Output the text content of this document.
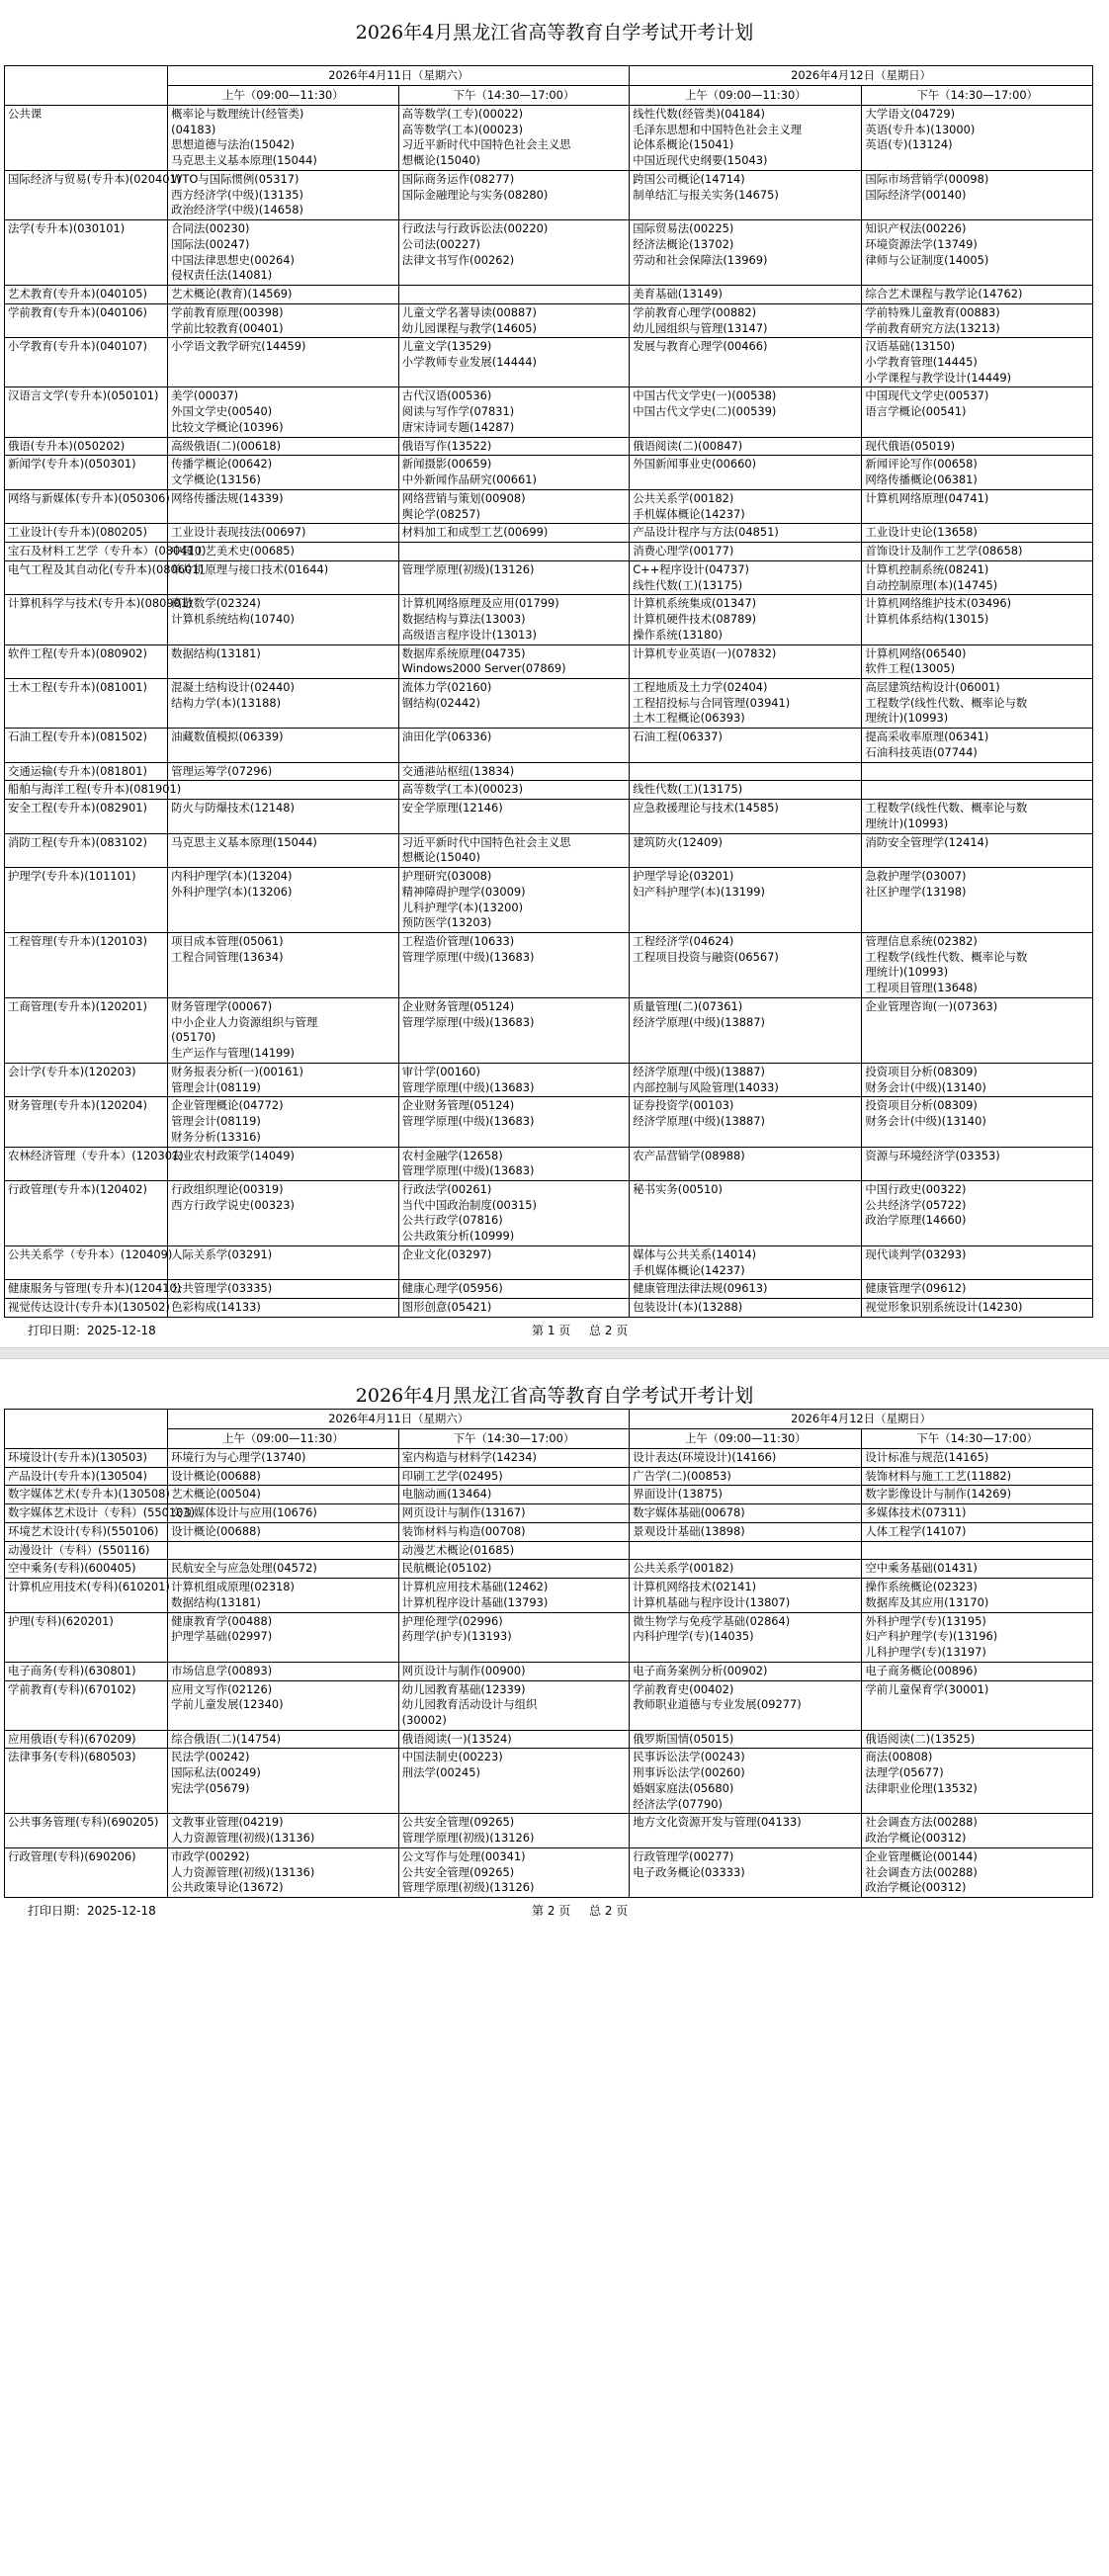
2026年4月黑龙江省高等教育自学考试开考计划
	2026年4月11日（星期六）		2026年4月12日（星期日）	
	上午（09:00—11:30）	下午（14:30—17:00）	上午（09:00—11:30）	下午（14:30—17:00）
公共课	概率论与数理统计(经管类)
(04183)
思想道德与法治(15042)
马克思主义基本原理(15044)	高等数学(工专)(00022)
高等数学(工本)(00023)
习近平新时代中国特色社会主义思
想概论(15040)	线性代数(经管类)(04184)
毛泽东思想和中国特色社会主义理
论体系概论(15041)
中国近现代史纲要(15043)	大学语文(04729)
英语(专升本)(13000)
英语(专)(13124)

国际经济与贸易(专升本)(020401)	WTO与国际惯例(05317)
西方经济学(中级)(13135)
政治经济学(中级)(14658)	国际商务运作(08277)
国际金融理论与实务(08280)	跨国公司概论(14714)
制单结汇与报关实务(14675)	国际市场营销学(00098)
国际经济学(00140)

法学(专升本)(030101)	合同法(00230)
国际法(00247)
中国法律思想史(00264)
侵权责任法(14081)	行政法与行政诉讼法(00220)
公司法(00227)
法律文书写作(00262)	国际贸易法(00225)
经济法概论(13702)
劳动和社会保障法(13969)	知识产权法(00226)
环境资源法学(13749)
律师与公证制度(14005)

艺术教育(专升本)(040105)	艺术概论(教育)(14569)		美育基础(13149)	综合艺术课程与教学论(14762)

学前教育(专升本)(040106)	学前教育原理(00398)
学前比较教育(00401)	儿童文学名著导读(00887)
幼儿园课程与教学(14605)	学前教育心理学(00882)
幼儿园组织与管理(13147)	学前特殊儿童教育(00883)
学前教育研究方法(13213)

小学教育(专升本)(040107)	小学语文教学研究(14459)	儿童文学(13529)
小学教师专业发展(14444)	发展与教育心理学(00466)	汉语基础(13150)
小学教育管理(14445)
小学课程与教学设计(14449)

汉语言文学(专升本)(050101)	美学(00037)
外国文学史(00540)
比较文学概论(10396)	古代汉语(00536)
阅读与写作学(07831)
唐宋诗词专题(14287)	中国古代文学史(一)(00538)
中国古代文学史(二)(00539)	中国现代文学史(00537)
语言学概论(00541)

俄语(专升本)(050202)	高级俄语(二)(00618)	俄语写作(13522)	俄语阅读(二)(00847)	现代俄语(05019)

新闻学(专升本)(050301)	传播学概论(00642)
文学概论(13156)	新闻摄影(00659)
中外新闻作品研究(00661)	外国新闻事业史(00660)	新闻评论写作(00658)
网络传播概论(06381)

网络与新媒体(专升本)(050306)	网络传播法规(14339)	网络营销与策划(00908)
舆论学(08257)	公共关系学(00182)
手机媒体概论(14237)	计算机网络原理(04741)

工业设计(专升本)(080205)	工业设计表现技法(00697)	材料加工和成型工艺(00699)	产品设计程序与方法(04851)	工业设计史论(13658)

宝石及材料工艺学（专升本）(080410)	中国工艺美术史(00685)		消费心理学(00177)	首饰设计及制作工艺学(08658)

电气工程及其自动化(专升本)(080601)	单片机原理与接口技术(01644)	管理学原理(初级)(13126)	C++程序设计(04737)
线性代数(工)(13175)	计算机控制系统(08241)
自动控制原理(本)(14745)

计算机科学与技术(专升本)(080901)	离散数学(02324)
计算机系统结构(10740)	计算机网络原理及应用(01799)
数据结构与算法(13003)
高级语言程序设计(13013)	计算机系统集成(01347)
计算机硬件技术(08789)
操作系统(13180)	计算机网络维护技术(03496)
计算机体系结构(13015)

软件工程(专升本)(080902)	数据结构(13181)	数据库系统原理(04735)
Windows2000 Server(07869)	计算机专业英语(一)(07832)	计算机网络(06540)
软件工程(13005)

土木工程(专升本)(081001)	混凝土结构设计(02440)
结构力学(本)(13188)	流体力学(02160)
钢结构(02442)	工程地质及土力学(02404)
工程招投标与合同管理(03941)
土木工程概论(06393)	高层建筑结构设计(06001)
工程数学(线性代数、概率论与数
理统计)(10993)

石油工程(专升本)(081502)	油藏数值模拟(06339)	油田化学(06336)	石油工程(06337)	提高采收率原理(06341)
石油科技英语(07744)

交通运输(专升本)(081801)	管理运筹学(07296)	交通港站枢纽(13834)		

船舶与海洋工程(专升本)(081901)		高等数学(工本)(00023)	线性代数(工)(13175)	

安全工程(专升本)(082901)	防火与防爆技术(12148)	安全学原理(12146)	应急救援理论与技术(14585)	工程数学(线性代数、概率论与数
理统计)(10993)

消防工程(专升本)(083102)	马克思主义基本原理(15044)	习近平新时代中国特色社会主义思
想概论(15040)	建筑防火(12409)	消防安全管理学(12414)

护理学(专升本)(101101)	内科护理学(本)(13204)
外科护理学(本)(13206)	护理研究(03008)
精神障碍护理学(03009)
儿科护理学(本)(13200)
预防医学(13203)	护理学导论(03201)
妇产科护理学(本)(13199)	急救护理学(03007)
社区护理学(13198)

工程管理(专升本)(120103)	项目成本管理(05061)
工程合同管理(13634)	工程造价管理(10633)
管理学原理(中级)(13683)	工程经济学(04624)
工程项目投资与融资(06567)	管理信息系统(02382)
工程数学(线性代数、概率论与数
理统计)(10993)
工程项目管理(13648)

工商管理(专升本)(120201)	财务管理学(00067)
中小企业人力资源组织与管理
(05170)
生产运作与管理(14199)	企业财务管理(05124)
管理学原理(中级)(13683)	质量管理(二)(07361)
经济学原理(中级)(13887)	企业管理咨询(一)(07363)

会计学(专升本)(120203)	财务报表分析(一)(00161)
管理会计(08119)	审计学(00160)
管理学原理(中级)(13683)	经济学原理(中级)(13887)
内部控制与风险管理(14033)	投资项目分析(08309)
财务会计(中级)(13140)

财务管理(专升本)(120204)	企业管理概论(04772)
管理会计(08119)
财务分析(13316)	企业财务管理(05124)
管理学原理(中级)(13683)	证券投资学(00103)
经济学原理(中级)(13887)	投资项目分析(08309)
财务会计(中级)(13140)

农林经济管理（专升本）(120301)	农业农村政策学(14049)	农村金融学(12658)
管理学原理(中级)(13683)	农产品营销学(08988)	资源与环境经济学(03353)

行政管理(专升本)(120402)	行政组织理论(00319)
西方行政学说史(00323)	行政法学(00261)
当代中国政治制度(00315)
公共行政学(07816)
公共政策分析(10999)	秘书实务(00510)	中国行政史(00322)
公共经济学(05722)
政治学原理(14660)

公共关系学（专升本）(120409)	人际关系学(03291)	企业文化(03297)	媒体与公共关系(14014)
手机媒体概论(14237)	现代谈判学(03293)

健康服务与管理(专升本)(120410)	公共管理学(03335)	健康心理学(05956)	健康管理法律法规(09613)	健康管理学(09612)

视觉传达设计(专升本)(130502)	色彩构成(14133)	图形创意(05421)	包装设计(本)(13288)	视觉形象识别系统设计(14230)
打印日期：2025-12-18	第 1 页 总 2 页
2026年4月黑龙江省高等教育自学考试开考计划
	2026年4月11日（星期六）		2026年4月12日（星期日）	
	上午（09:00—11:30）	下午（14:30—17:00）	上午（09:00—11:30）	下午（14:30—17:00）
环境设计(专升本)(130503)	环境行为与心理学(13740)	室内构造与材料学(14234)	设计表达(环境设计)(14166)	设计标准与规范(14165)

产品设计(专升本)(130504)	设计概论(00688)	印刷工艺学(02495)	广告学(二)(00853)	装饰材料与施工工艺(11882)

数字媒体艺术(专升本)(130508)	艺术概论(00504)	电脑动画(13464)	界面设计(13875)	数字影像设计与制作(14269)

数字媒体艺术设计（专科）(550103)	交互媒体设计与应用(10676)	网页设计与制作(13167)	数字媒体基础(00678)	多媒体技术(07311)

环境艺术设计(专科)(550106)	设计概论(00688)	装饰材料与构造(00708)	景观设计基础(13898)	人体工程学(14107)

动漫设计（专科）(550116)		动漫艺术概论(01685)		

空中乘务(专科)(600405)	民航安全与应急处理(04572)	民航概论(05102)	公共关系学(00182)	空中乘务基础(01431)

计算机应用技术(专科)(610201)	计算机组成原理(02318)
数据结构(13181)	计算机应用技术基础(12462)
计算机程序设计基础(13793)	计算机网络技术(02141)
计算机基础与程序设计(13807)	操作系统概论(02323)
数据库及其应用(13170)

护理(专科)(620201)	健康教育学(00488)
护理学基础(02997)	护理伦理学(02996)
药理学(护专)(13193)	微生物学与免疫学基础(02864)
内科护理学(专)(14035)	外科护理学(专)(13195)
妇产科护理学(专)(13196)
儿科护理学(专)(13197)

电子商务(专科)(630801)	市场信息学(00893)	网页设计与制作(00900)	电子商务案例分析(00902)	电子商务概论(00896)

学前教育(专科)(670102)	应用文写作(02126)
学前儿童发展(12340)	幼儿园教育基础(12339)
幼儿园教育活动设计与组织
(30002)	学前教育史(00402)
教师职业道德与专业发展(09277)	学前儿童保育学(30001)

应用俄语(专科)(670209)	综合俄语(二)(14754)	俄语阅读(一)(13524)	俄罗斯国情(05015)	俄语阅读(二)(13525)

法律事务(专科)(680503)	民法学(00242)
国际私法(00249)
宪法学(05679)	中国法制史(00223)
刑法学(00245)	民事诉讼法学(00243)
刑事诉讼法学(00260)
婚姻家庭法(05680)
经济法学(07790)	商法(00808)
法理学(05677)
法律职业伦理(13532)

公共事务管理(专科)(690205)	文教事业管理(04219)
人力资源管理(初级)(13136)	公共安全管理(09265)
管理学原理(初级)(13126)	地方文化资源开发与管理(04133)	社会调查方法(00288)
政治学概论(00312)

行政管理(专科)(690206)	市政学(00292)
人力资源管理(初级)(13136)
公共政策导论(13672)	公文写作与处理(00341)
公共安全管理(09265)
管理学原理(初级)(13126)	行政管理学(00277)
电子政务概论(03333)	企业管理概论(00144)
社会调查方法(00288)
政治学概论(00312)
打印日期：2025-12-18	第 2 页 总 2 页
